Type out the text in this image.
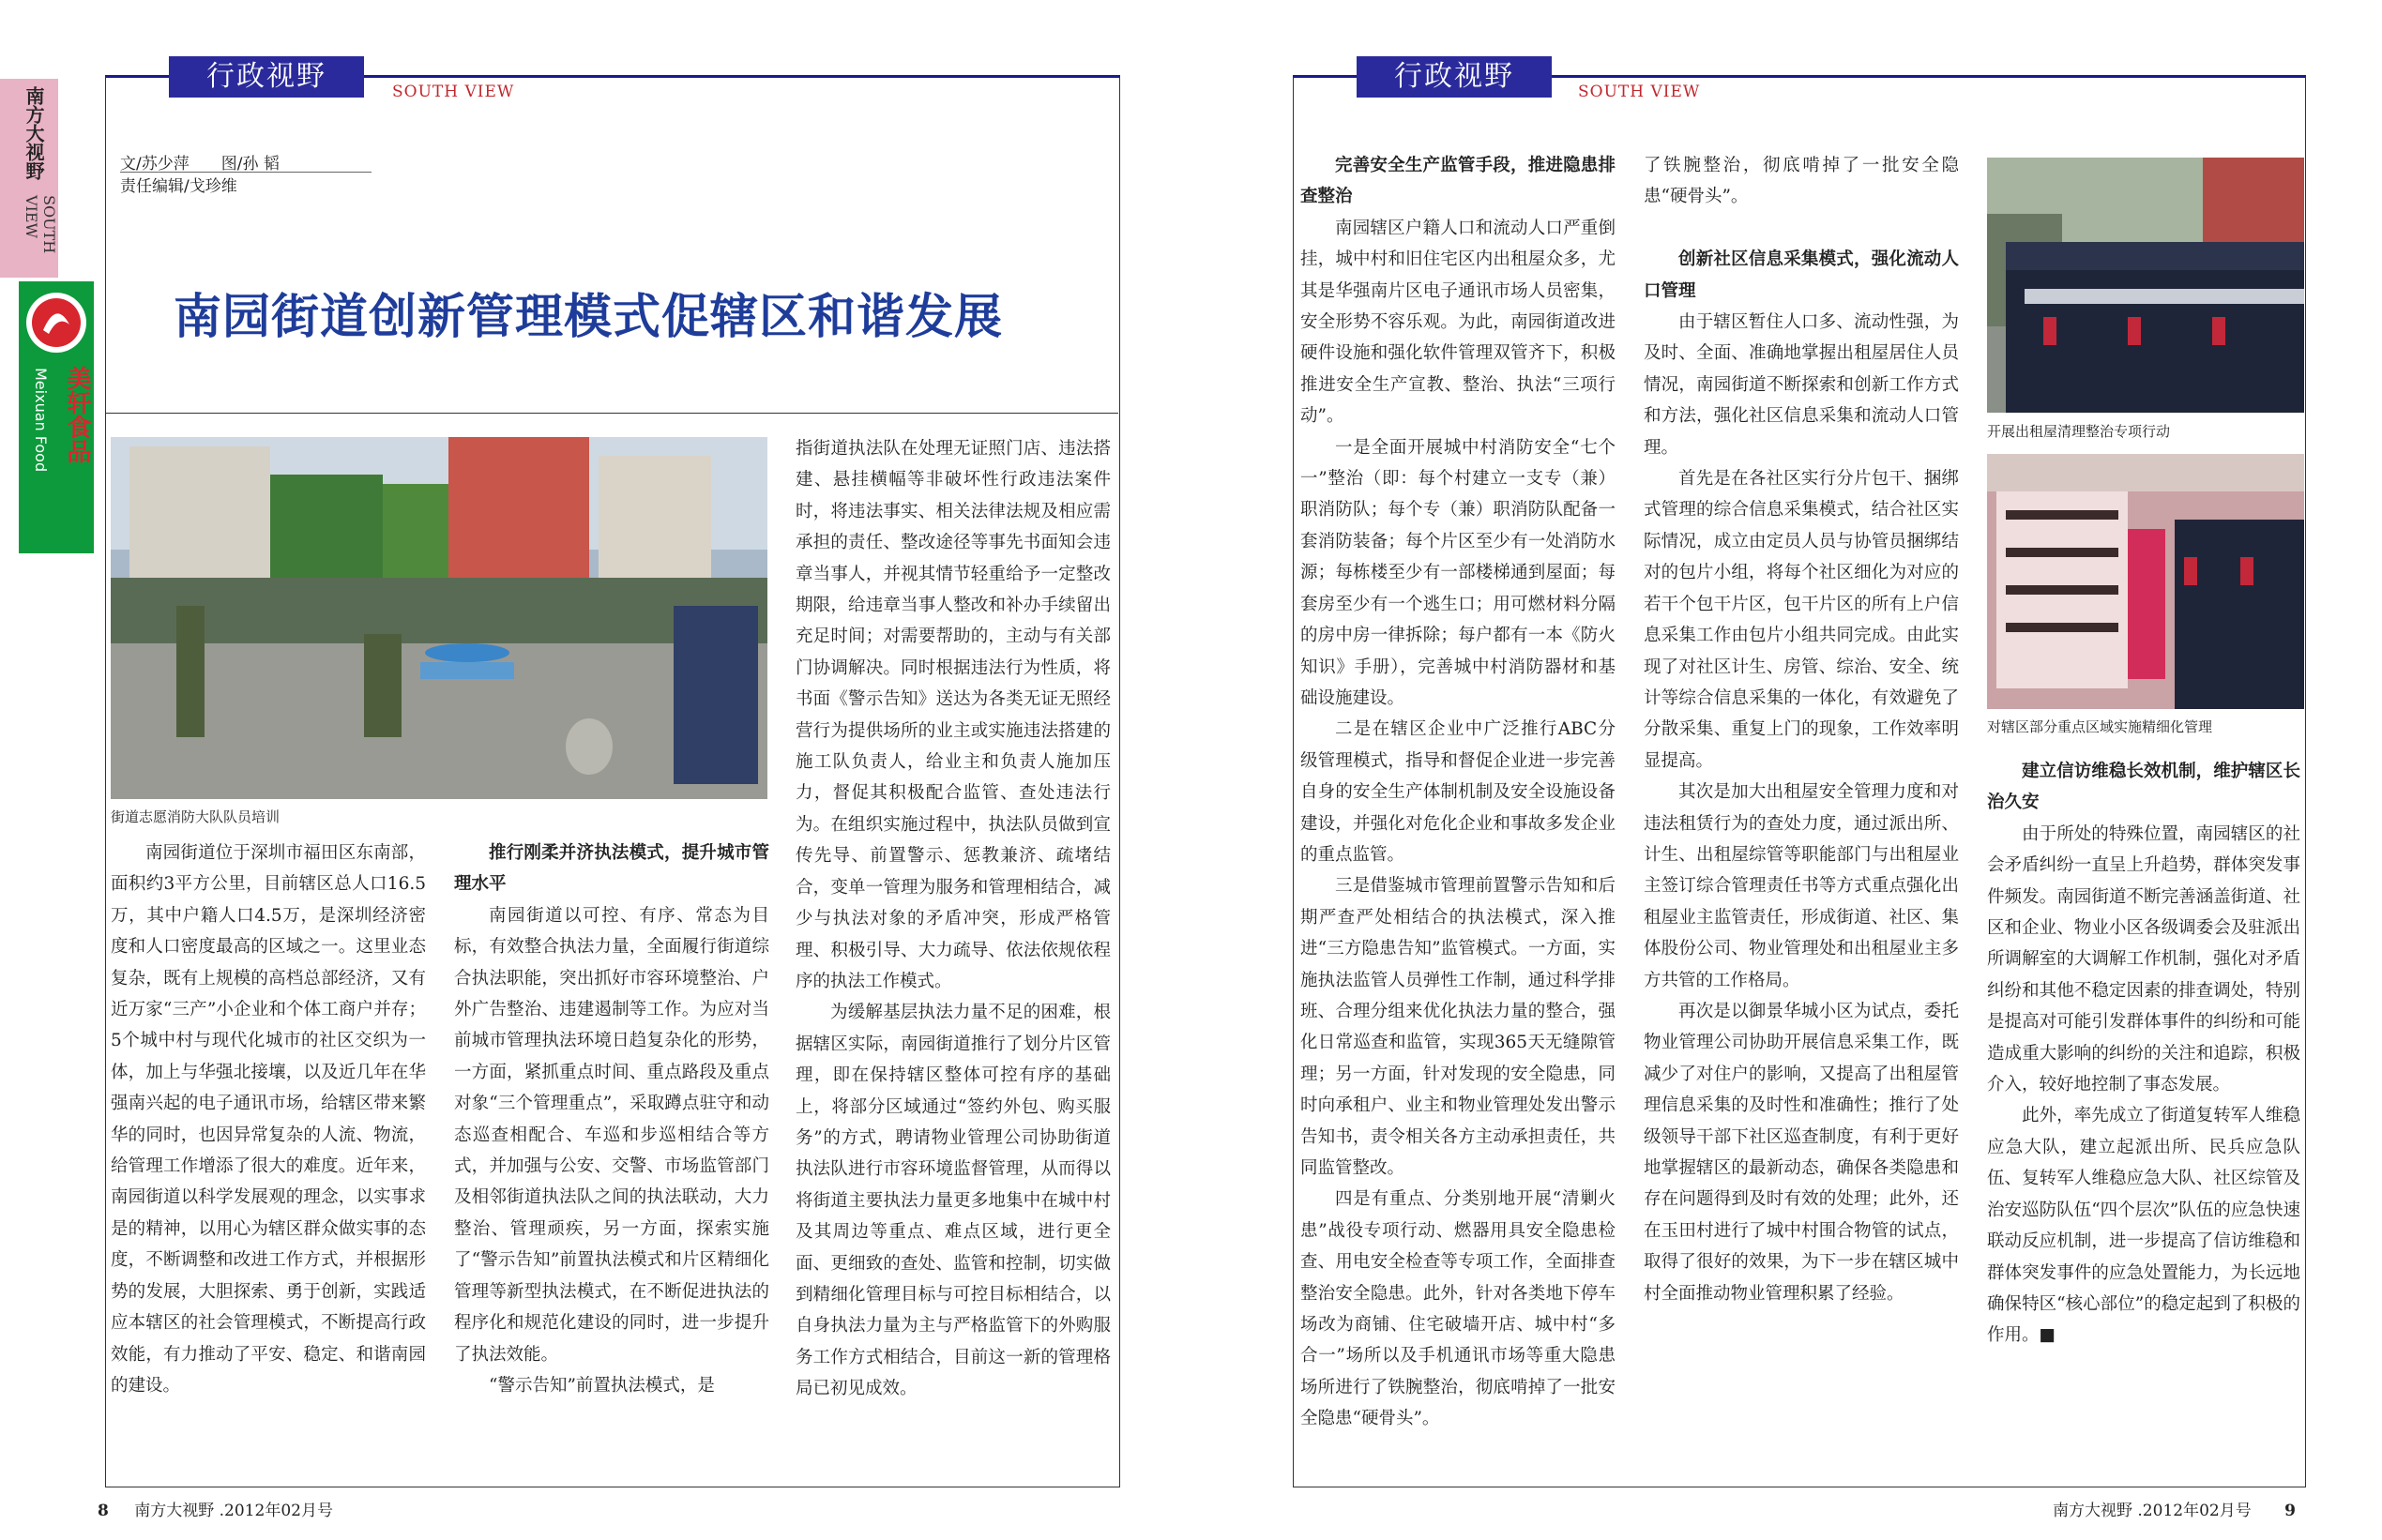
行政视野	SOUTH VIEW
南方大视野
SOUTH VIEW
美轩食品
Meixuan Food
文/苏少萍　　图/孙 韬
责任编辑/戈珍维
南园街道创新管理模式促辖区和谐发展
街道志愿消防大队队员培训

南园街道位于深圳市福田区东南部，面积约3平方公里，目前辖区总人口16.5万，其中户籍人口4.5万，是深圳经济密度和人口密度最高的区域之一。这里业态复杂，既有上规模的高档总部经济，又有近万家“三产”小企业和个体工商户并存；5个城中村与现代化城市的社区交织为一体，加上与华强北接壤，以及近几年在华强南兴起的电子通讯市场，给辖区带来繁华的同时，也因异常复杂的人流、物流，给管理工作增添了很大的难度。近年来，南园街道以科学发展观的理念，以实事求是的精神，以用心为辖区群众做实事的态度，不断调整和改进工作方式，并根据形势的发展，大胆探索、勇于创新，实践适应本辖区的社会管理模式，不断提高行政效能，有力推动了平安、稳定、和谐南园的建设。

推行刚柔并济执法模式，提升城市管理水平

南园街道以可控、有序、常态为目标，有效整合执法力量，全面履行街道综合执法职能，突出抓好市容环境整治、户外广告整治、违建遏制等工作。为应对当前城市管理执法环境日趋复杂化的形势，一方面，紧抓重点时间、重点路段及重点对象“三个管理重点”，采取蹲点驻守和动态巡查相配合、车巡和步巡相结合等方式，并加强与公安、交警、市场监管部门及相邻街道执法队之间的执法联动，大力整治、管理顽疾，另一方面，探索实施了“警示告知”前置执法模式和片区精细化管理等新型执法模式，在不断促进执法的程序化和规范化建设的同时，进一步提升了执法效能。

“警示告知”前置执法模式，是

指街道执法队在处理无证照门店、违法搭建、悬挂横幅等非破坏性行政违法案件时，将违法事实、相关法律法规及相应需承担的责任、整改途径等事先书面知会违章当事人，并视其情节轻重给予一定整改期限，给违章当事人整改和补办手续留出充足时间；对需要帮助的，主动与有关部门协调解决。同时根据违法行为性质，将书面《警示告知》送达为各类无证无照经营行为提供场所的业主或实施违法搭建的施工队负责人，给业主和负责人施加压力，督促其积极配合监管、查处违法行为。在组织实施过程中，执法队员做到宣传先导、前置警示、惩教兼济、疏堵结合，变单一管理为服务和管理相结合，减少与执法对象的矛盾冲突，形成严格管理、积极引导、大力疏导、依法依规依程序的执法工作模式。

为缓解基层执法力量不足的困难，根据辖区实际，南园街道推行了划分片区管理，即在保持辖区整体可控有序的基础上，将部分区域通过“签约外包、购买服务”的方式，聘请物业管理公司协助街道执法队进行市容环境监督管理，从而得以将街道主要执法力量更多地集中在城中村及其周边等重点、难点区域，进行更全面、更细致的查处、监管和控制，切实做到精细化管理目标与可控目标相结合，以自身执法力量为主与严格监管下的外购服务工作方式相结合，目前这一新的管理格局已初见成效。

8 南方大视野 .2012年02月号
行政视野	SOUTH VIEW
完善安全生产监管手段，推进隐患排查整治

南园辖区户籍人口和流动人口严重倒挂，城中村和旧住宅区内出租屋众多，尤其是华强南片区电子通讯市场人员密集，安全形势不容乐观。为此，南园街道改进硬件设施和强化软件管理双管齐下，积极推进安全生产宣教、整治、执法“三项行动”。

一是全面开展城中村消防安全“七个一”整治（即：每个村建立一支专（兼）职消防队；每个专（兼）职消防队配备一套消防装备；每个片区至少有一处消防水源；每栋楼至少有一部楼梯通到屋面；每套房至少有一个逃生口；用可燃材料分隔的房中房一律拆除；每户都有一本《防火知识》手册），完善城中村消防器材和基础设施建设。

二是在辖区企业中广泛推行ABC分级管理模式，指导和督促企业进一步完善自身的安全生产体制机制及安全设施设备建设，并强化对危化企业和事故多发企业的重点监管。

三是借鉴城市管理前置警示告知和后期严查严处相结合的执法模式，深入推进“三方隐患告知”监管模式。一方面，实施执法监管人员弹性工作制，通过科学排班、合理分组来优化执法力量的整合，强化日常巡查和监管，实现365天无缝隙管理；另一方面，针对发现的安全隐患，同时向承租户、业主和物业管理处发出警示告知书，责令相关各方主动承担责任，共同监管整改。

四是有重点、分类别地开展“清剿火患”战役专项行动、燃器用具安全隐患检查、用电安全检查等专项工作，全面排查整治安全隐患。此外，针对各类地下停车场改为商铺、住宅破墙开店、城中村“多合一”场所以及手机通讯市场等重大隐患场所进行了铁腕整治，彻底啃掉了一批安全隐患“硬骨头”。

了铁腕整治，彻底啃掉了一批安全隐患“硬骨头”。

创新社区信息采集模式，强化流动人口管理

由于辖区暂住人口多、流动性强，为及时、全面、准确地掌握出租屋居住人员情况，南园街道不断探索和创新工作方式和方法，强化社区信息采集和流动人口管理。

首先是在各社区实行分片包干、捆绑式管理的综合信息采集模式，结合社区实际情况，成立由定员人员与协管员捆绑结对的包片小组，将每个社区细化为对应的若干个包干片区，包干片区的所有上户信息采集工作由包片小组共同完成。由此实现了对社区计生、房管、综治、安全、统计等综合信息采集的一体化，有效避免了分散采集、重复上门的现象，工作效率明显提高。

其次是加大出租屋安全管理力度和对违法租赁行为的查处力度，通过派出所、计生、出租屋综管等职能部门与出租屋业主签订综合管理责任书等方式重点强化出租屋业主监管责任，形成街道、社区、集体股份公司、物业管理处和出租屋业主多方共管的工作格局。

再次是以御景华城小区为试点，委托物业管理公司协助开展信息采集工作，既减少了对住户的影响，又提高了出租屋管理信息采集的及时性和准确性；推行了处级领导干部下社区巡查制度，有利于更好地掌握辖区的最新动态，确保各类隐患和存在问题得到及时有效的处理；此外，还在玉田村进行了城中村围合物管的试点，取得了很好的效果，为下一步在辖区城中村全面推动物业管理积累了经验。

开展出租屋清理整治专项行动
对辖区部分重点区域实施精细化管理
建立信访维稳长效机制，维护辖区长治久安

由于所处的特殊位置，南园辖区的社会矛盾纠纷一直呈上升趋势，群体突发事件频发。南园街道不断完善涵盖街道、社区和企业、物业小区各级调委会及驻派出所调解室的大调解工作机制，强化对矛盾纠纷和其他不稳定因素的排查调处，特别是提高对可能引发群体事件的纠纷和可能造成重大影响的纠纷的关注和追踪，积极介入，较好地控制了事态发展。

此外，率先成立了街道复转军人维稳应急大队，建立起派出所、民兵应急队伍、复转军人维稳应急大队、社区综管及治安巡防队伍“四个层次”队伍的应急快速联动反应机制，进一步提高了信访维稳和群体突发事件的应急处置能力，为长远地确保特区“核心部位”的稳定起到了积极的作用。■

南方大视野 .2012年02月号 9
